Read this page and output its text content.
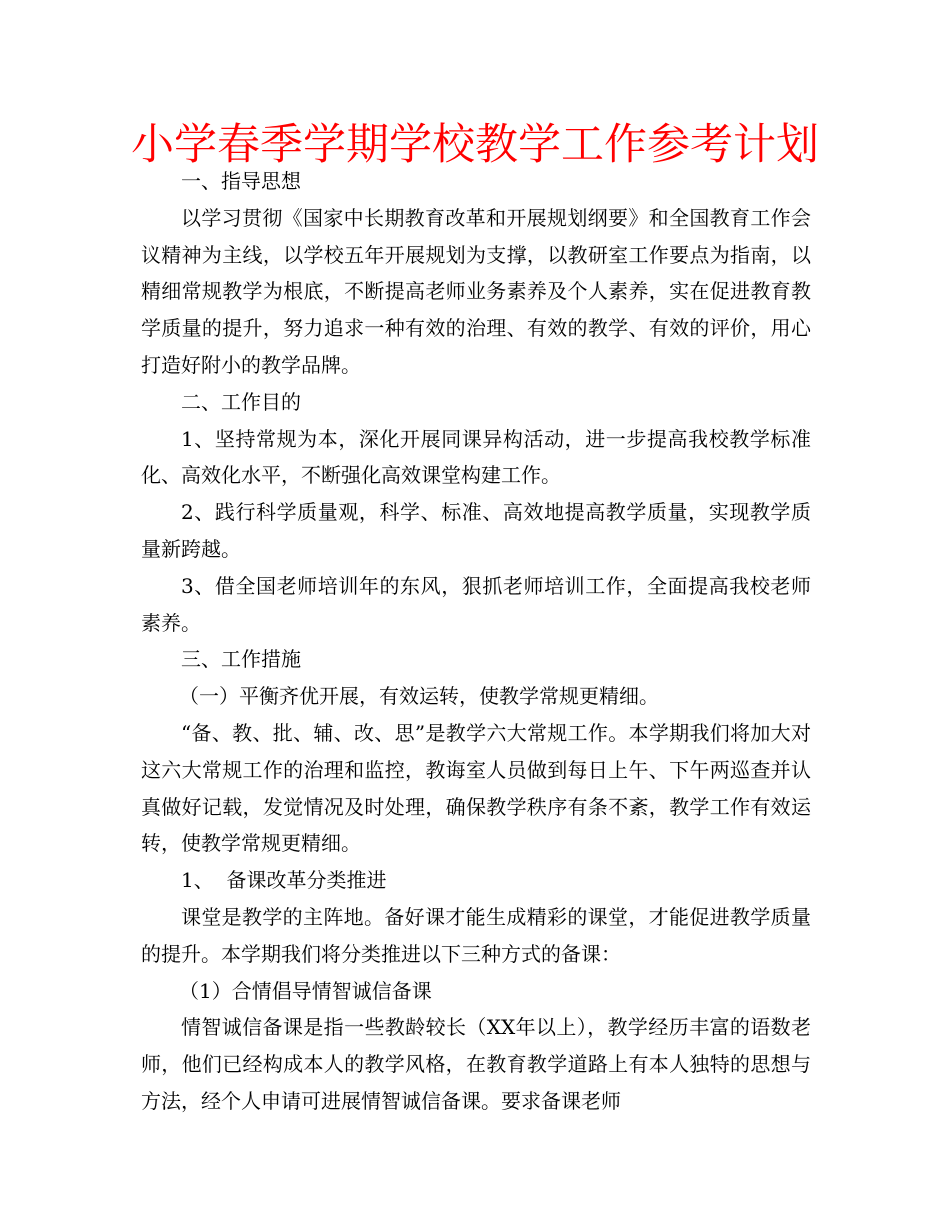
小学春季学期学校教学工作参考计划

一、指导思想

以学习贯彻《国家中长期教育改革和开展规划纲要》和全国教育工作会议精神为主线，以学校五年开展规划为支撑，以教研室工作要点为指南，以精细常规教学为根底，不断提高老师业务素养及个人素养，实在促进教育教学质量的提升，努力追求一种有效的治理、有效的教学、有效的评价，用心打造好附小的教学品牌。

二、工作目的

1、坚持常规为本，深化开展同课异构活动，进一步提高我校教学标准化、高效化水平，不断强化高效课堂构建工作。

2、践行科学质量观，科学、标准、高效地提高教学质量，实现教学质量新跨越。

3、借全国老师培训年的东风，狠抓老师培训工作，全面提高我校老师素养。

三、工作措施

（一）平衡齐优开展，有效运转，使教学常规更精细。

“备、教、批、辅、改、思”是教学六大常规工作。本学期我们将加大对这六大常规工作的治理和监控，教诲室人员做到每日上午、下午两巡查并认真做好记载，发觉情况及时处理，确保教学秩序有条不紊，教学工作有效运转，使教学常规更精细。

1、  备课改革分类推进

课堂是教学的主阵地。备好课才能生成精彩的课堂，才能促进教学质量的提升。本学期我们将分类推进以下三种方式的备课：

（1）合情倡导情智诚信备课

情智诚信备课是指一些教龄较长（XX年以上），教学经历丰富的语数老师，他们已经构成本人的教学风格，在教育教学道路上有本人独特的思想与方法，经个人申请可进展情智诚信备课。要求备课老师
